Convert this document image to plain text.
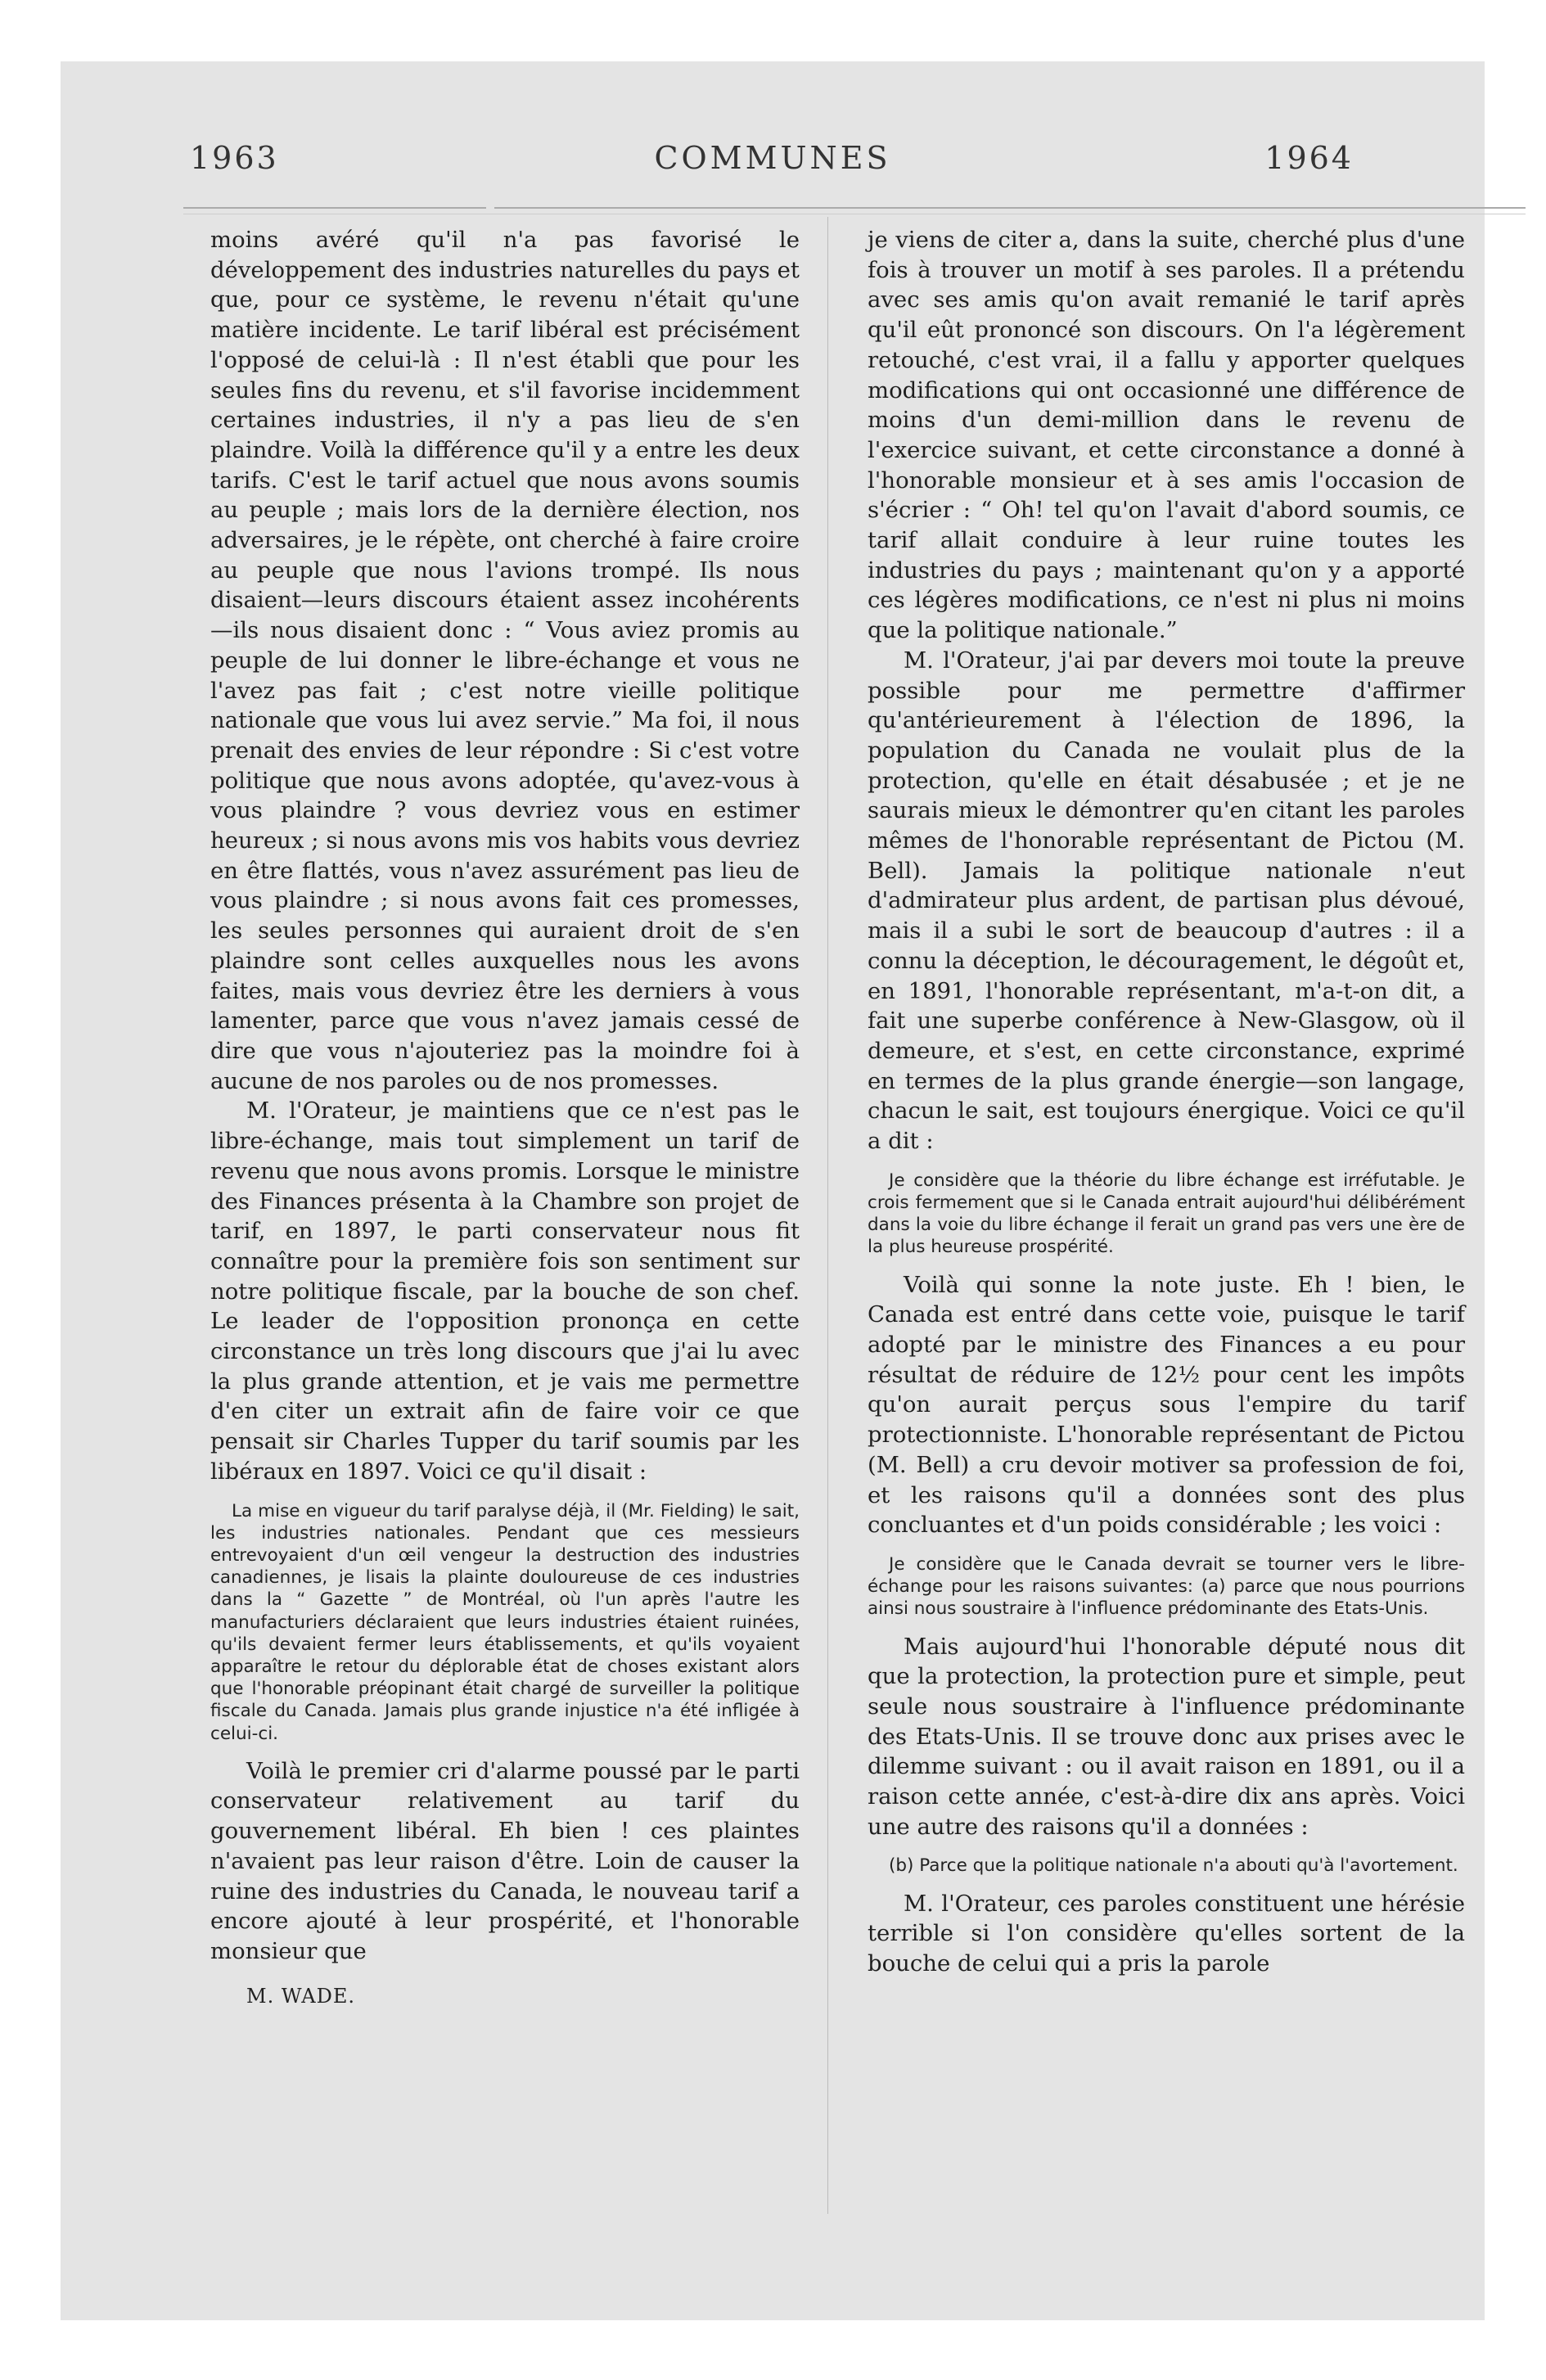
1963	COMMUNES	1964

moins avéré qu'il n'a pas favorisé le développement des industries naturelles du pays et que, pour ce système, le revenu n'était qu'une matière incidente. Le tarif libéral est précisément l'opposé de celui-là : Il n'est établi que pour les seules fins du revenu, et s'il favorise incidemment certaines industries, il n'y a pas lieu de s'en plaindre. Voilà la différence qu'il y a entre les deux tarifs. C'est le tarif actuel que nous avons soumis au peuple ; mais lors de la dernière élection, nos adversaires, je le répète, ont cherché à faire croire au peuple que nous l'avions trompé. Ils nous disaient—leurs discours étaient assez incohérents—ils nous disaient donc : “ Vous aviez promis au peuple de lui donner le libre-échange et vous ne l'avez pas fait ; c'est notre vieille politique nationale que vous lui avez servie.” Ma foi, il nous prenait des envies de leur répondre : Si c'est votre politique que nous avons adoptée, qu'avez-vous à vous plaindre ? vous devriez vous en estimer heureux ; si nous avons mis vos habits vous devriez en être flattés, vous n'avez assurément pas lieu de vous plaindre ; si nous avons fait ces promesses, les seules personnes qui auraient droit de s'en plaindre sont celles auxquelles nous les avons faites, mais vous devriez être les derniers à vous lamenter, parce que vous n'avez jamais cessé de dire que vous n'ajouteriez pas la moindre foi à aucune de nos paroles ou de nos promesses.

M. l'Orateur, je maintiens que ce n'est pas le libre-échange, mais tout simplement un tarif de revenu que nous avons promis. Lorsque le ministre des Finances présenta à la Chambre son projet de tarif, en 1897, le parti conservateur nous fit connaître pour la première fois son sentiment sur notre politique fiscale, par la bouche de son chef. Le leader de l'opposition prononça en cette circonstance un très long discours que j'ai lu avec la plus grande attention, et je vais me permettre d'en citer un extrait afin de faire voir ce que pensait sir Charles Tupper du tarif soumis par les libéraux en 1897. Voici ce qu'il disait :

La mise en vigueur du tarif paralyse déjà, il (Mr. Fielding) le sait, les industries nationales. Pendant que ces messieurs entrevoyaient d'un œil vengeur la destruction des industries canadiennes, je lisais la plainte douloureuse de ces industries dans la “ Gazette ” de Montréal, où l'un après l'autre les manufacturiers déclaraient que leurs industries étaient ruinées, qu'ils devaient fermer leurs établissements, et qu'ils voyaient apparaître le retour du déplorable état de choses existant alors que l'honorable préopinant était chargé de surveiller la politique fiscale du Canada. Jamais plus grande injustice n'a été infligée à celui-ci.

Voilà le premier cri d'alarme poussé par le parti conservateur relativement au tarif du gouvernement libéral. Eh bien ! ces plaintes n'avaient pas leur raison d'être. Loin de causer la ruine des industries du Canada, le nouveau tarif a encore ajouté à leur prospérité, et l'honorable monsieur que

M. WADE.

je viens de citer a, dans la suite, cherché plus d'une fois à trouver un motif à ses paroles. Il a prétendu avec ses amis qu'on avait remanié le tarif après qu'il eût prononcé son discours. On l'a légèrement retouché, c'est vrai, il a fallu y apporter quelques modifications qui ont occasionné une différence de moins d'un demi-million dans le revenu de l'exercice suivant, et cette circonstance a donné à l'honorable monsieur et à ses amis l'occasion de s'écrier : “ Oh! tel qu'on l'avait d'abord soumis, ce tarif allait conduire à leur ruine toutes les industries du pays ; maintenant qu'on y a apporté ces légères modifications, ce n'est ni plus ni moins que la politique nationale.”

M. l'Orateur, j'ai par devers moi toute la preuve possible pour me permettre d'affirmer qu'antérieurement à l'élection de 1896, la population du Canada ne voulait plus de la protection, qu'elle en était désabusée ; et je ne saurais mieux le démontrer qu'en citant les paroles mêmes de l'honorable représentant de Pictou (M. Bell). Jamais la politique nationale n'eut d'admirateur plus ardent, de partisan plus dévoué, mais il a subi le sort de beaucoup d'autres : il a connu la déception, le découragement, le dégoût et, en 1891, l'honorable représentant, m'a-t-on dit, a fait une superbe conférence à New-Glasgow, où il demeure, et s'est, en cette circonstance, exprimé en termes de la plus grande énergie—son langage, chacun le sait, est toujours énergique. Voici ce qu'il a dit :

Je considère que la théorie du libre échange est irréfutable. Je crois fermement que si le Canada entrait aujourd'hui délibérément dans la voie du libre échange il ferait un grand pas vers une ère de la plus heureuse prospérité.

Voilà qui sonne la note juste. Eh ! bien, le Canada est entré dans cette voie, puisque le tarif adopté par le ministre des Finances a eu pour résultat de réduire de 12½ pour cent les impôts qu'on aurait perçus sous l'empire du tarif protectionniste. L'honorable représentant de Pictou (M. Bell) a cru devoir motiver sa profession de foi, et les raisons qu'il a données sont des plus concluantes et d'un poids considérable ; les voici :

Je considère que le Canada devrait se tourner vers le libre-échange pour les raisons suivantes: (a) parce que nous pourrions ainsi nous soustraire à l'influence prédominante des Etats-Unis.

Mais aujourd'hui l'honorable député nous dit que la protection, la protection pure et simple, peut seule nous soustraire à l'influence prédominante des Etats-Unis. Il se trouve donc aux prises avec le dilemme suivant : ou il avait raison en 1891, ou il a raison cette année, c'est-à-dire dix ans après. Voici une autre des raisons qu'il a données :

(b) Parce que la politique nationale n'a abouti qu'à l'avortement.

M. l'Orateur, ces paroles constituent une hérésie terrible si l'on considère qu'elles sortent de la bouche de celui qui a pris la parole
